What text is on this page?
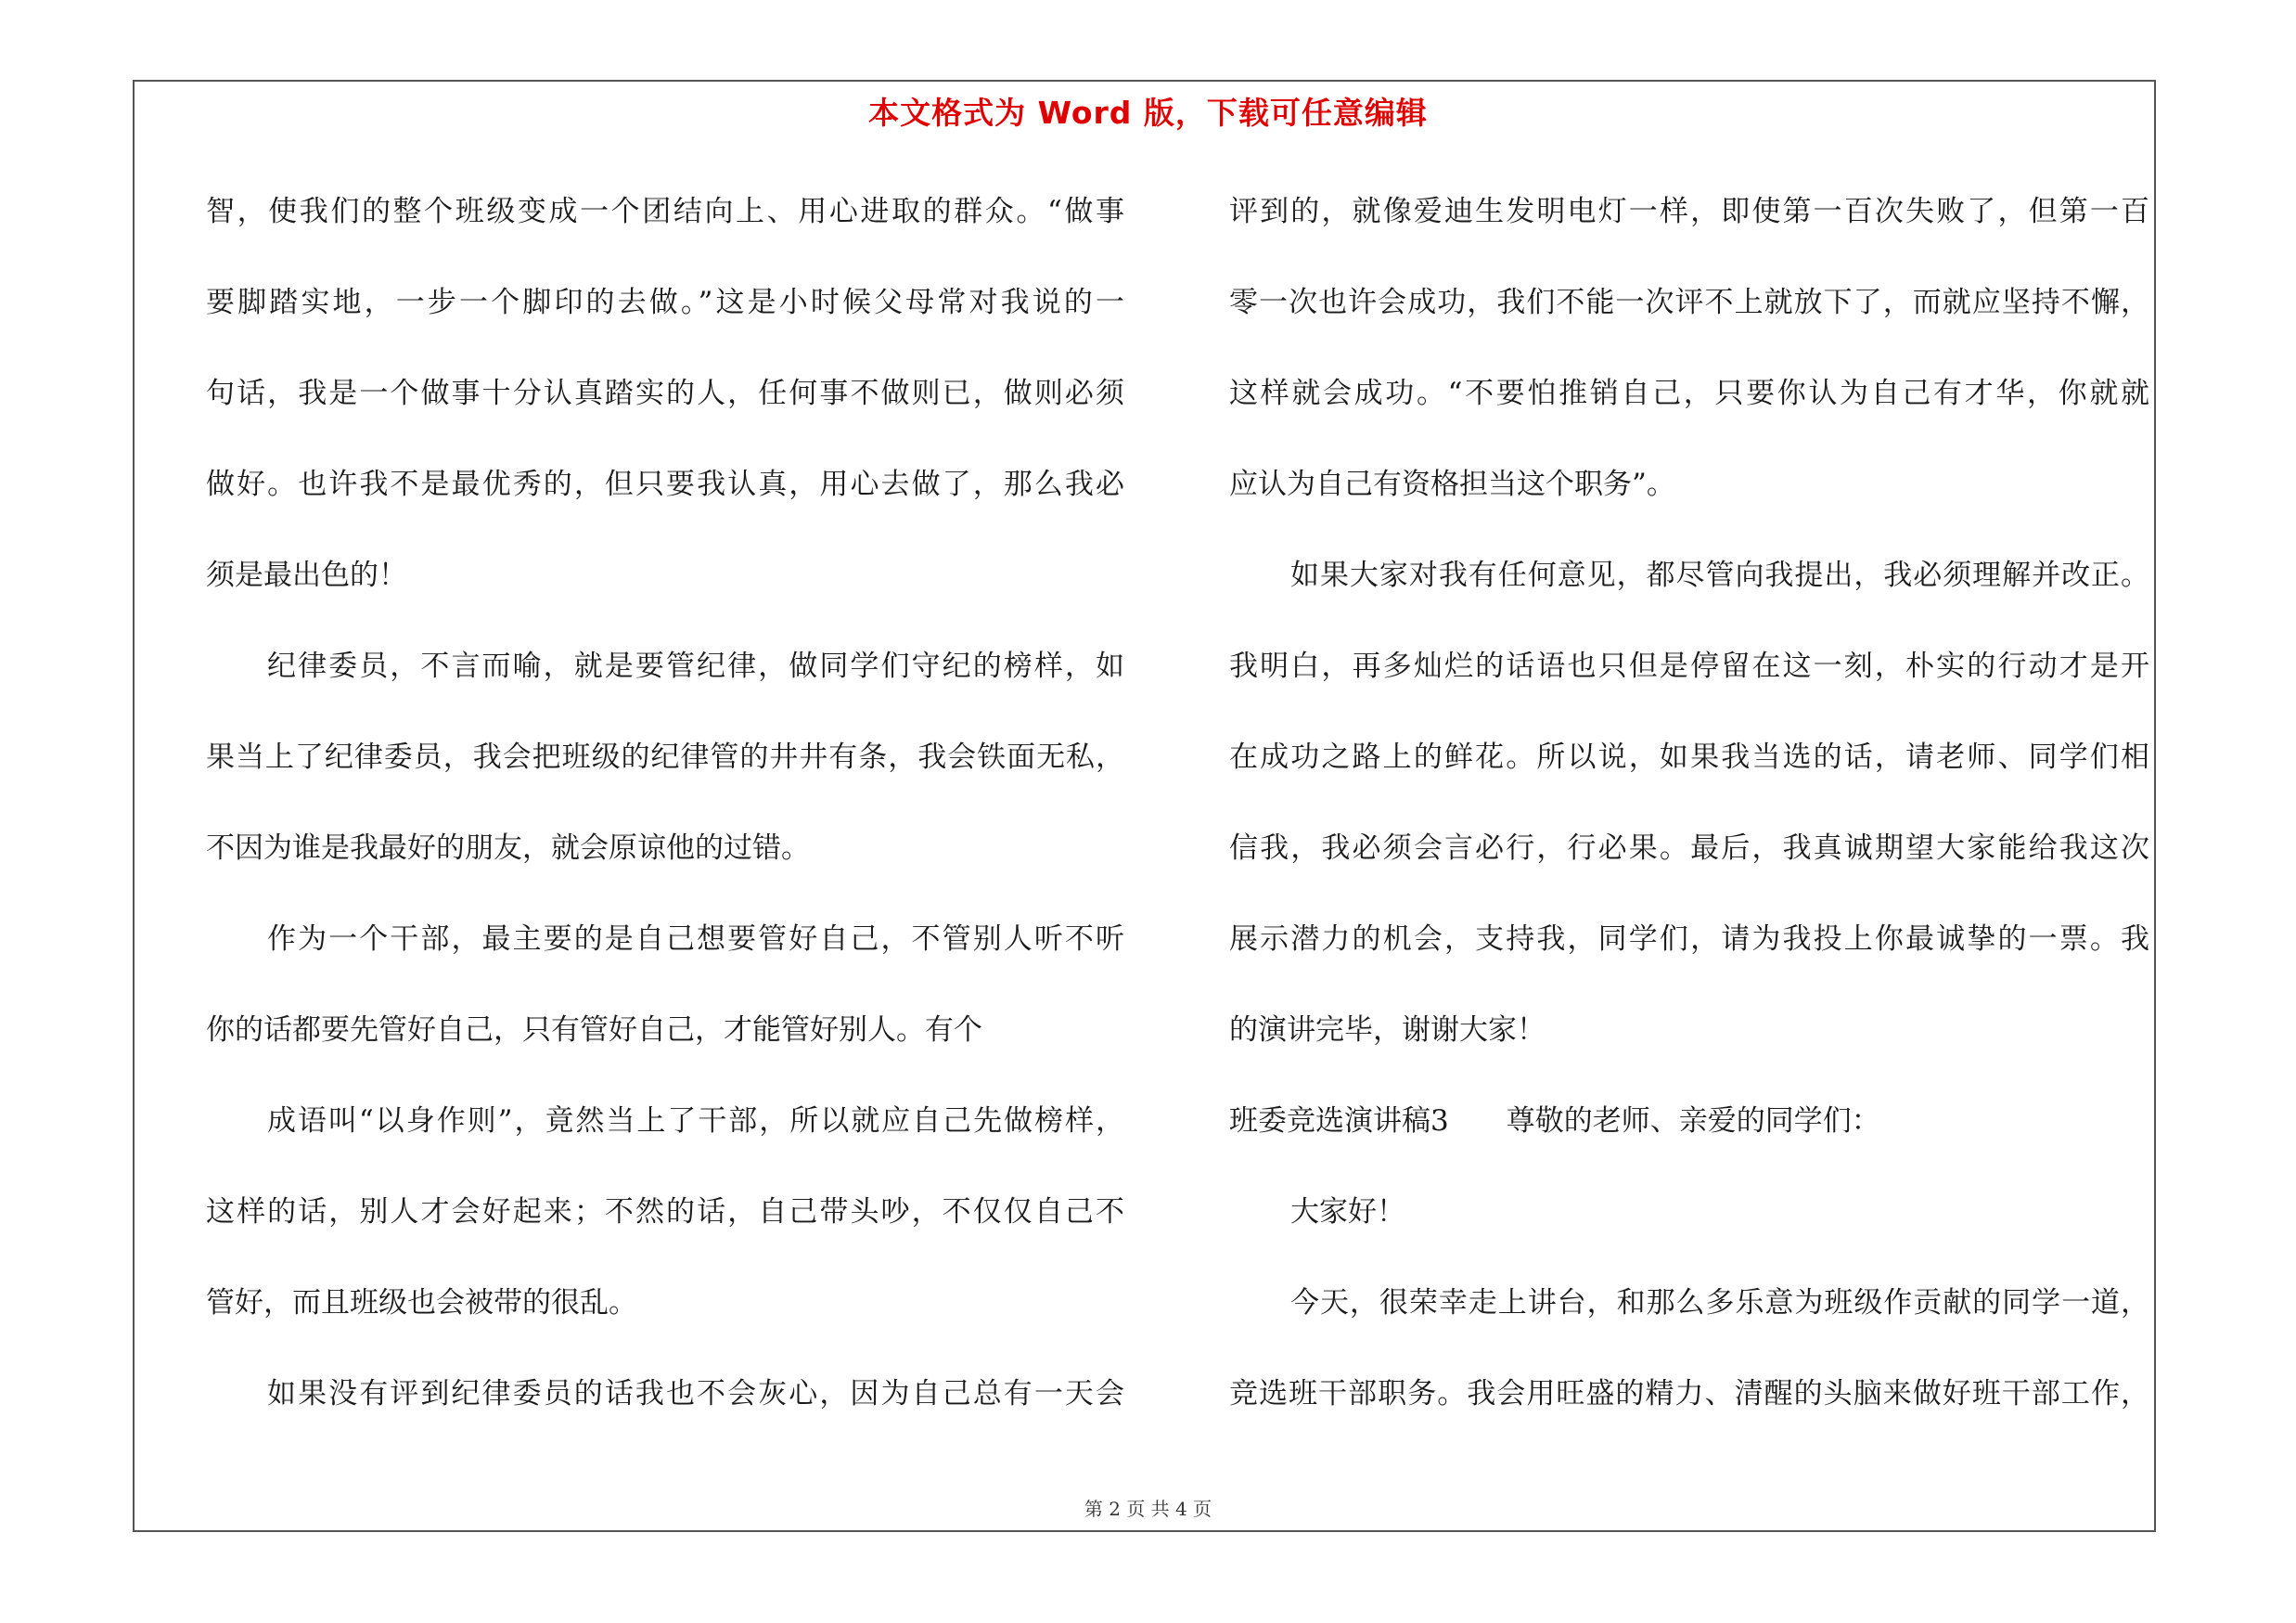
本文格式为 Word 版，下载可任意编辑
智，使我们的整个班级变成一个团结向上、用心进取的群众。“做事
要脚踏实地，一步一个脚印的去做。”这是小时候父母常对我说的一
句话，我是一个做事十分认真踏实的人，任何事不做则已，做则必须
做好。也许我不是最优秀的，但只要我认真，用心去做了，那么我必
须是最出色的！
纪律委员，不言而喻，就是要管纪律，做同学们守纪的榜样，如
果当上了纪律委员，我会把班级的纪律管的井井有条，我会铁面无私，
不因为谁是我最好的朋友，就会原谅他的过错。
作为一个干部，最主要的是自己想要管好自己，不管别人听不听
你的话都要先管好自己，只有管好自己，才能管好别人。有个
成语叫“以身作则”，竟然当上了干部，所以就应自己先做榜样，
这样的话，别人才会好起来；不然的话，自己带头吵，不仅仅自己不
管好，而且班级也会被带的很乱。
如果没有评到纪律委员的话我也不会灰心，因为自己总有一天会
评到的，就像爱迪生发明电灯一样，即使第一百次失败了，但第一百
零一次也许会成功，我们不能一次评不上就放下了，而就应坚持不懈，
这样就会成功。“不要怕推销自己，只要你认为自己有才华，你就就
应认为自己有资格担当这个职务”。
如果大家对我有任何意见，都尽管向我提出，我必须理解并改正。
我明白，再多灿烂的话语也只但是停留在这一刻，朴实的行动才是开
在成功之路上的鲜花。所以说，如果我当选的话，请老师、同学们相
信我，我必须会言必行，行必果。最后，我真诚期望大家能给我这次
展示潜力的机会，支持我，同学们，请为我投上你最诚挚的一票。我
的演讲完毕，谢谢大家！
班委竞选演讲稿3　　尊敬的老师、亲爱的同学们：
大家好！
今天，很荣幸走上讲台，和那么多乐意为班级作贡献的同学一道，
竞选班干部职务。我会用旺盛的精力、清醒的头脑来做好班干部工作，
第 2 页 共 4 页
